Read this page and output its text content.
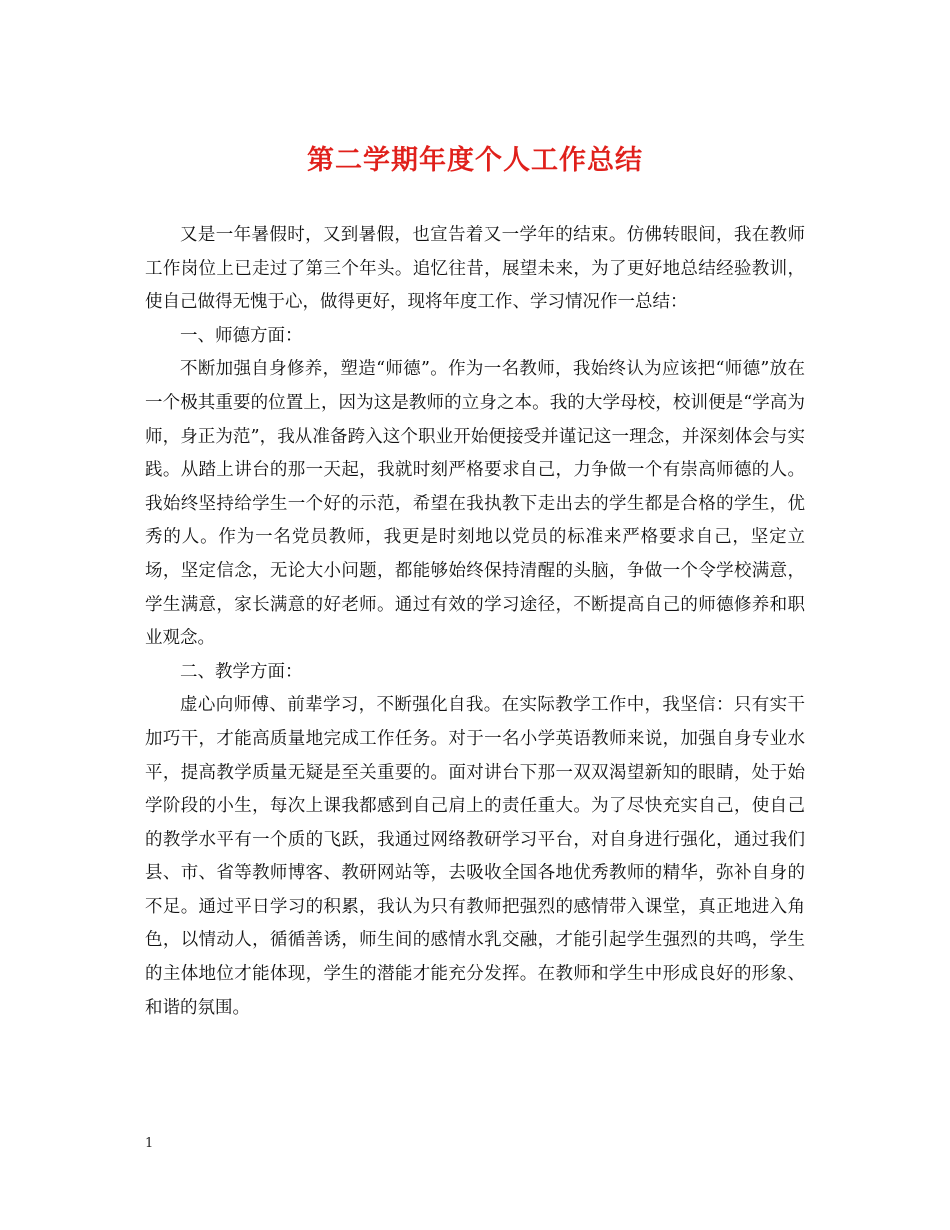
第二学期年度个人工作总结

又是一年暑假时，又到暑假，也宣告着又一学年的结束。仿佛转眼间，我在教师工作岗位上已走过了第三个年头。追忆往昔，展望未来，为了更好地总结经验教训，使自己做得无愧于心，做得更好，现将年度工作、学习情况作一总结：

一、师德方面：

不断加强自身修养，塑造“师德”。作为一名教师，我始终认为应该把“师德”放在一个极其重要的位置上，因为这是教师的立身之本。我的大学母校，校训便是“学高为师，身正为范”，我从准备跨入这个职业开始便接受并谨记这一理念，并深刻体会与实践。从踏上讲台的那一天起，我就时刻严格要求自己，力争做一个有崇高师德的人。我始终坚持给学生一个好的示范，希望在我执教下走出去的学生都是合格的学生，优秀的人。作为一名党员教师，我更是时刻地以党员的标准来严格要求自己，坚定立场，坚定信念，无论大小问题，都能够始终保持清醒的头脑，争做一个令学校满意，学生满意，家长满意的好老师。通过有效的学习途径，不断提高自己的师德修养和职业观念。

二、教学方面：

虚心向师傅、前辈学习，不断强化自我。在实际教学工作中，我坚信：只有实干加巧干，才能高质量地完成工作任务。对于一名小学英语教师来说，加强自身专业水平，提高教学质量无疑是至关重要的。面对讲台下那一双双渴望新知的眼睛，处于始学阶段的小生，每次上课我都感到自己肩上的责任重大。为了尽快充实自己，使自己的教学水平有一个质的飞跃，我通过网络教研学习平台，对自身进行强化，通过我们县、市、省等教师博客、教研网站等，去吸收全国各地优秀教师的精华，弥补自身的不足。通过平日学习的积累，我认为只有教师把强烈的感情带入课堂，真正地进入角色，以情动人，循循善诱，师生间的感情水乳交融，才能引起学生强烈的共鸣，学生的主体地位才能体现，学生的潜能才能充分发挥。在教师和学生中形成良好的形象、和谐的氛围。

1
